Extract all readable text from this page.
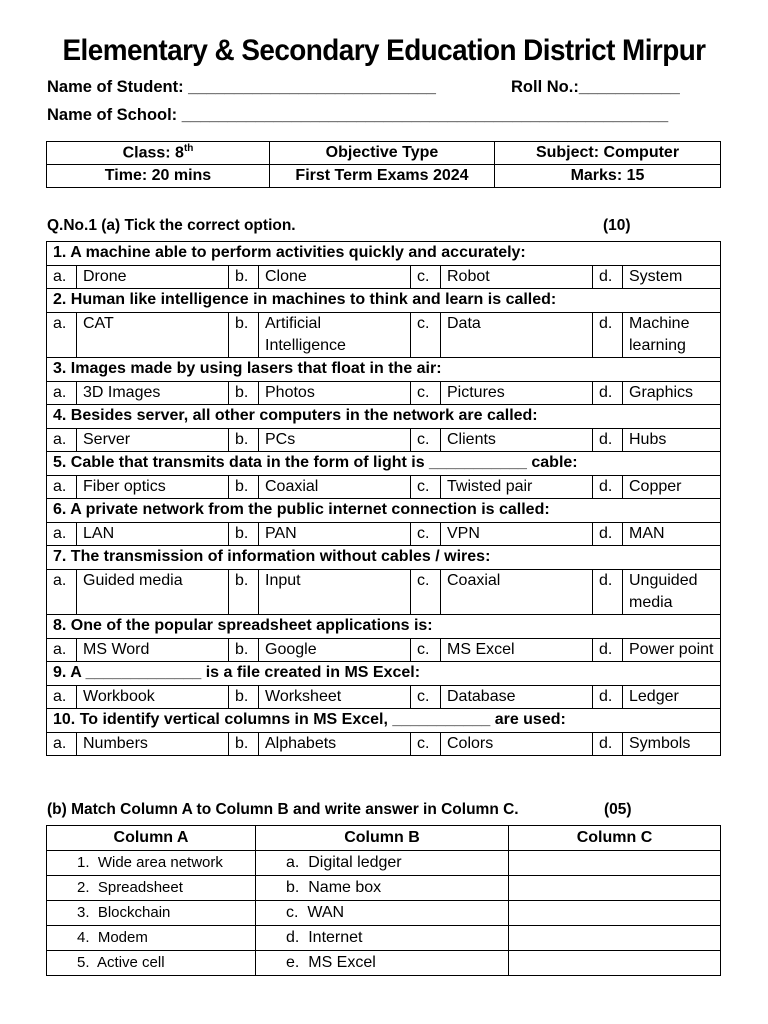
Elementary & Secondary Education District Mirpur
Name of Student: ___________________________	Roll No.:___________
Name of School: _____________________________________________________
Class: 8th	Objective Type	Subject: Computer
Time: 20 mins	First Term Exams 2024	Marks: 15
Q.No.1 (a) Tick the correct option.	(10)
1. A machine able to perform activities quickly and accurately:							
a.	Drone	b.	Clone	c.	Robot	d.	System
2. Human like intelligence in machines to think and learn is called:							
a.	CAT	b.	Artificial Intelligence	c.	Data	d.	Machine learning
3. Images made by using lasers that float in the air:							
a.	3D Images	b.	Photos	c.	Pictures	d.	Graphics
4. Besides server, all other computers in the network are called:							
a.	Server	b.	PCs	c.	Clients	d.	Hubs
5. Cable that transmits data in the form of light is ___________ cable:							
a.	Fiber optics	b.	Coaxial	c.	Twisted pair	d.	Copper
6. A private network from the public internet connection is called:							
a.	LAN	b.	PAN	c.	VPN	d.	MAN
7. The transmission of information without cables / wires:							
a.	Guided media	b.	Input	c.	Coaxial	d.	Unguided media
8. One of the popular spreadsheet applications is:							
a.	MS Word	b.	Google	c.	MS Excel	d.	Power point
9. A _____________ is a file created in MS Excel:							
a.	Workbook	b.	Worksheet	c.	Database	d.	Ledger
10. To identify vertical columns in MS Excel, ___________ are used:							
a.	Numbers	b.	Alphabets	c.	Colors	d.	Symbols
(b) Match Column A to Column B and write answer in Column C.	(05)
Column A	Column B	Column C
1.  Wide area network	a.  Digital ledger	
2.  Spreadsheet	b.  Name box	
3.  Blockchain	c.  WAN	
4.  Modem	d.  Internet	
5.  Active cell	e.  MS Excel	
